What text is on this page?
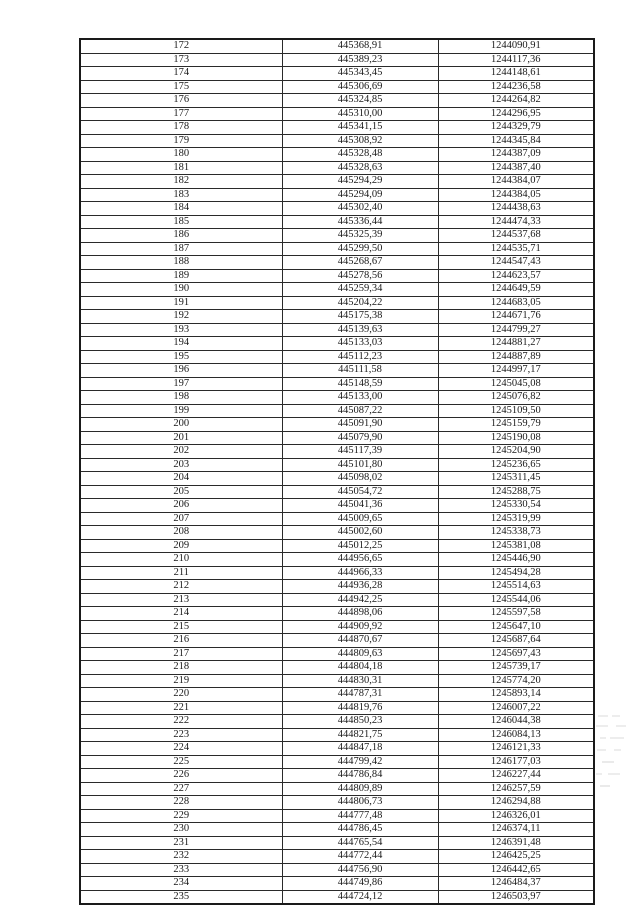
172	445368,91	1244090,91
173	445389,23	1244117,36
174	445343,45	1244148,61
175	445306,69	1244236,58
176	445324,85	1244264,82
177	445310,00	1244296,95
178	445341,15	1244329,79
179	445308,92	1244345,84
180	445328,48	1244387,09
181	445328,63	1244387,40
182	445294,29	1244384,07
183	445294,09	1244384,05
184	445302,40	1244438,63
185	445336,44	1244474,33
186	445325,39	1244537,68
187	445299,50	1244535,71
188	445268,67	1244547,43
189	445278,56	1244623,57
190	445259,34	1244649,59
191	445204,22	1244683,05
192	445175,38	1244671,76
193	445139,63	1244799,27
194	445133,03	1244881,27
195	445112,23	1244887,89
196	445111,58	1244997,17
197	445148,59	1245045,08
198	445133,00	1245076,82
199	445087,22	1245109,50
200	445091,90	1245159,79
201	445079,90	1245190,08
202	445117,39	1245204,90
203	445101,80	1245236,65
204	445098,02	1245311,45
205	445054,72	1245288,75
206	445041,36	1245330,54
207	445009,65	1245319,99
208	445002,60	1245338,73
209	445012,25	1245381,08
210	444956,65	1245446,90
211	444966,33	1245494,28
212	444936,28	1245514,63
213	444942,25	1245544,06
214	444898,06	1245597,58
215	444909,92	1245647,10
216	444870,67	1245687,64
217	444809,63	1245697,43
218	444804,18	1245739,17
219	444830,31	1245774,20
220	444787,31	1245893,14
221	444819,76	1246007,22
222	444850,23	1246044,38
223	444821,75	1246084,13
224	444847,18	1246121,33
225	444799,42	1246177,03
226	444786,84	1246227,44
227	444809,89	1246257,59
228	444806,73	1246294,88
229	444777,48	1246326,01
230	444786,45	1246374,11
231	444765,54	1246391,48
232	444772,44	1246425,25
233	444756,90	1246442,65
234	444749,86	1246484,37
235	444724,12	1246503,97
